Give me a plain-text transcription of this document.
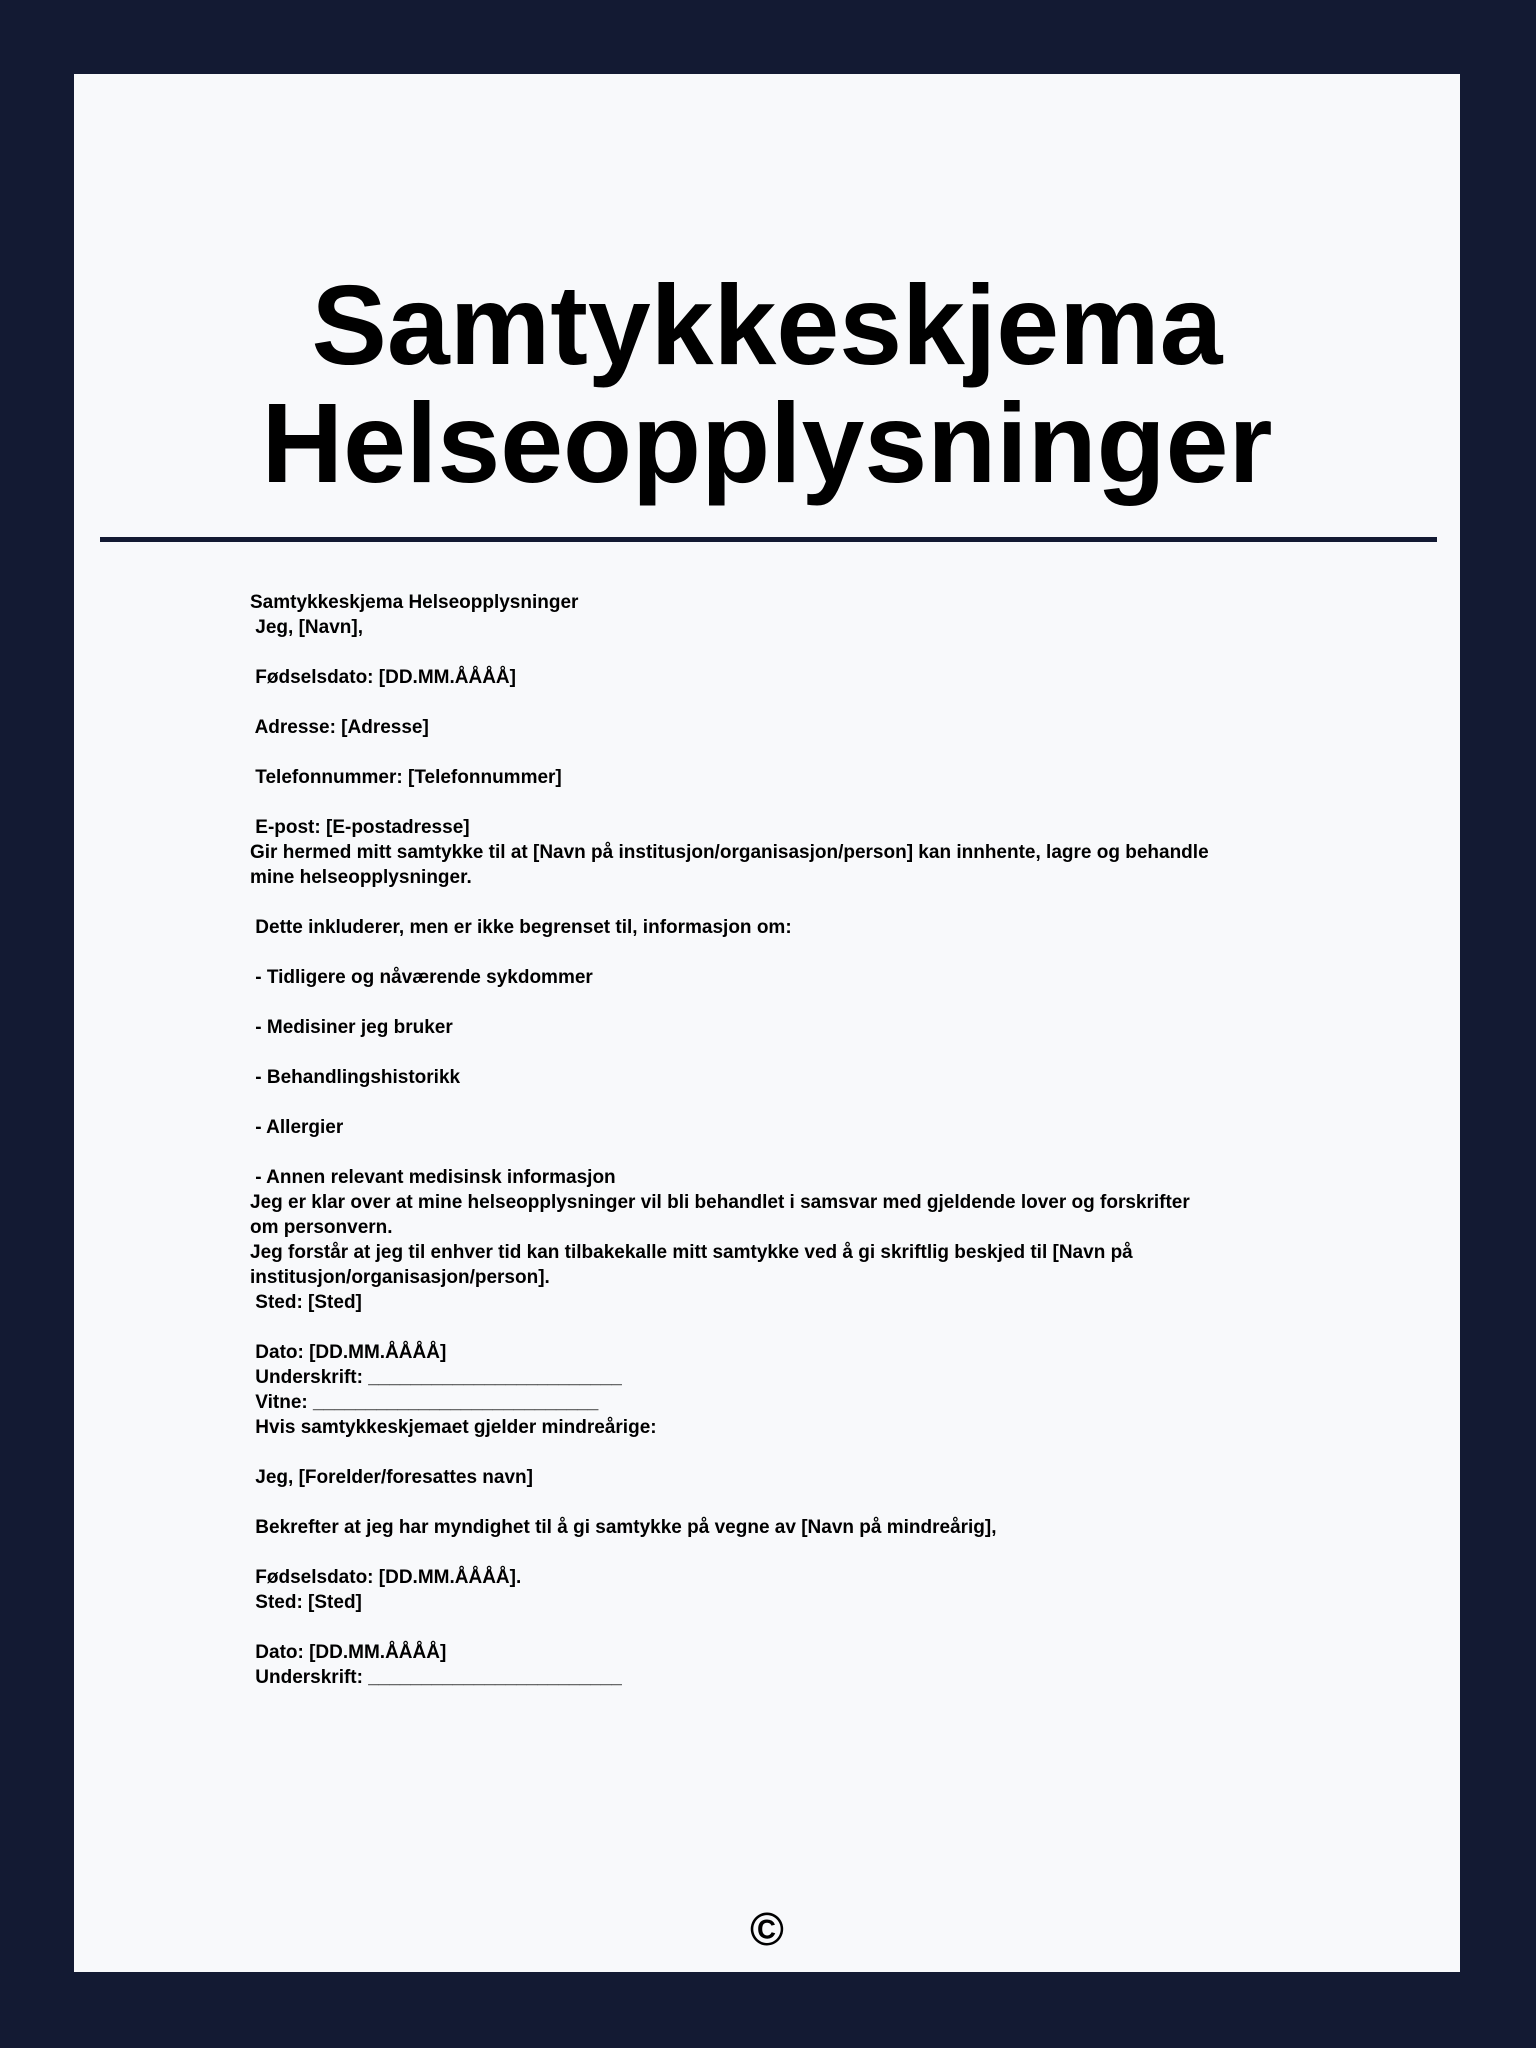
Samtykkeskjema
Helseopplysninger
Samtykkeskjema Helseopplysninger
Jeg, [Navn],
Fødselsdato: [DD.MM.ÅÅÅÅ]
Adresse: [Adresse]
Telefonnummer: [Telefonnummer]
E-post: [E-postadresse]
Gir hermed mitt samtykke til at [Navn på institusjon/organisasjon/person] kan innhente, lagre og behandle
mine helseopplysninger.
Dette inkluderer, men er ikke begrenset til, informasjon om:
- Tidligere og nåværende sykdommer
- Medisiner jeg bruker
- Behandlingshistorikk
- Allergier
- Annen relevant medisinsk informasjon
Jeg er klar over at mine helseopplysninger vil bli behandlet i samsvar med gjeldende lover og forskrifter
om personvern.
Jeg forstår at jeg til enhver tid kan tilbakekalle mitt samtykke ved å gi skriftlig beskjed til [Navn på
institusjon/organisasjon/person].
Sted: [Sted]
Dato: [DD.MM.ÅÅÅÅ]
Underskrift: ________________________
Vitne: ___________________________
Hvis samtykkeskjemaet gjelder mindreårige:
Jeg, [Forelder/foresattes navn]
Bekrefter at jeg har myndighet til å gi samtykke på vegne av [Navn på mindreårig],
Fødselsdato: [DD.MM.ÅÅÅÅ].
Sted: [Sted]
Dato: [DD.MM.ÅÅÅÅ]
Underskrift: ________________________
©
